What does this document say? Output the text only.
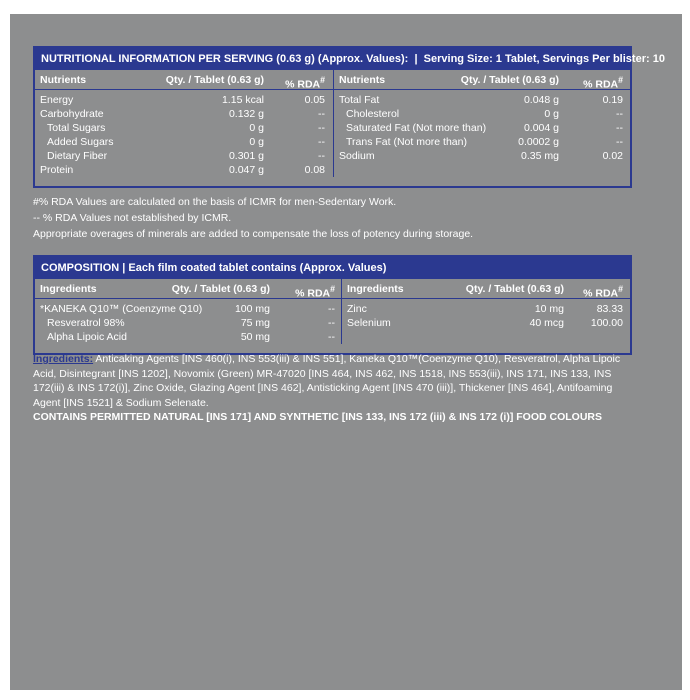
NUTRITIONAL INFORMATION PER SERVING (0.63 g) (Approx. Values):  |  Serving Size: 1 Tablet, Servings Per blister: 10
Nutrients	Qty. / Tablet (0.63 g)	% RDA#
Energy	1.15 kcal	0.05
Carbohydrate	0.132 g	--
Total Sugars	0 g	--
Added Sugars	0 g	--
Dietary Fiber	0.301 g	--
Protein	0.047 g	0.08
Nutrients	Qty. / Tablet (0.63 g)	% RDA#
Total Fat	0.048 g	0.19
Cholesterol	0 g	--
Saturated Fat (Not more than)	0.004 g	--
Trans Fat (Not more than)	0.0002 g	--
Sodium	0.35 mg	0.02
#% RDA Values are calculated on the basis of ICMR for men-Sedentary Work.
-- % RDA Values not established by ICMR.
Appropriate overages of minerals are added to compensate the loss of potency during storage.
COMPOSITION | Each film coated tablet contains (Approx. Values)
Ingredients	Qty. / Tablet (0.63 g)	% RDA#
*KANEKA Q10™ (Coenzyme Q10)	100 mg	--
Resveratrol 98%	75 mg	--
Alpha Lipoic Acid	50 mg	--
Ingredients	Qty. / Tablet (0.63 g)	% RDA#
Zinc	10 mg	83.33
Selenium	40 mcg	100.00
Ingredients: Anticaking Agents [INS 460(i), INS 553(iii) & INS 551], Kaneka Q10™(Coenzyme Q10), Resveratrol, Alpha Lipoic Acid, Disintegrant [INS 1202], Novomix (Green) MR-47020 [INS 464, INS 462, INS 1518, INS 553(iii), INS 171, INS 133, INS 172(iii) & INS 172(i)], Zinc Oxide, Glazing Agent [INS 462], Antisticking Agent [INS 470 (iii)], Thickener [INS 464], Antifoaming Agent [INS 1521] & Sodium Selenate.
CONTAINS PERMITTED NATURAL [INS 171] AND SYNTHETIC [INS 133, INS 172 (iii) & INS 172 (i)] FOOD COLOURS
